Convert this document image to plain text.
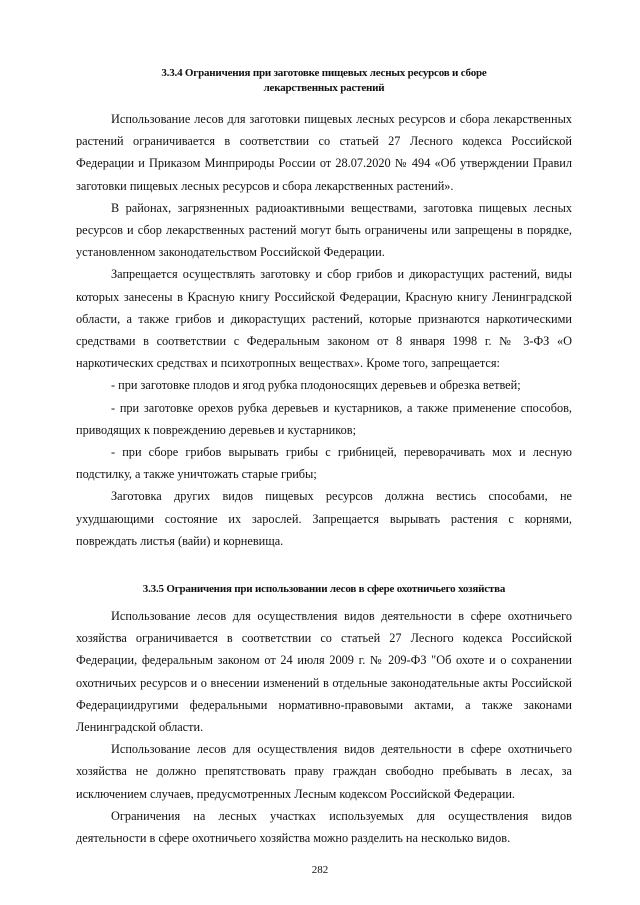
3.3.4 Ограничения при заготовке пищевых лесных ресурсов и сборе
лекарственных растений

Использование лесов для заготовки пищевых лесных ресурсов и сбора лекарственных растений ограничивается в соответствии со статьей 27 Лесного кодекса Российской Федерации и Приказом Минприроды России от 28.07.2020 № 494 «Об утверждении Правил заготовки пищевых лесных ресурсов и сбора лекарственных растений».

В районах, загрязненных радиоактивными веществами, заготовка пищевых лесных ресурсов и сбор лекарственных растений могут быть ограничены или запрещены в порядке, установленном законодательством Российской Федерации.

Запрещается осуществлять заготовку и сбор грибов и дикорастущих растений, виды которых занесены в Красную книгу Российской Федерации, Красную книгу Ленинградской области, а также грибов и дикорастущих растений, которые признаются наркотическими средствами в соответствии с Федеральным законом от 8 января 1998 г. № 3-ФЗ «О наркотических средствах и психотропных веществах». Кроме того, запрещается:

- при заготовке плодов и ягод рубка плодоносящих деревьев и обрезка ветвей;

- при заготовке орехов рубка деревьев и кустарников, а также применение способов, приводящих к повреждению деревьев и кустарников;

- при сборе грибов вырывать грибы с грибницей, переворачивать мох и лесную подстилку, а также уничтожать старые грибы;

Заготовка других видов пищевых ресурсов должна вестись способами, не ухудшающими состояние их зарослей. Запрещается вырывать растения с корнями, повреждать листья (вайи) и корневища.

3.3.5 Ограничения при использовании лесов в сфере охотничьего хозяйства

Использование лесов для осуществления видов деятельности в сфере охотничьего хозяйства ограничивается в соответствии со статьей 27 Лесного кодекса Российской Федерации, федеральным законом от 24 июля 2009 г. № 209-ФЗ "Об охоте и о сохранении охотничьих ресурсов и о внесении изменений в отдельные законодательные акты Российской Федерациидругими федеральными нормативно-правовыми актами, а также законами Ленинградской области.

Использование лесов для осуществления видов деятельности в сфере охотничьего хозяйства не должно препятствовать праву граждан свободно пребывать в лесах, за исключением случаев, предусмотренных Лесным кодексом Российской Федерации.

Ограничения на лесных участках используемых для осуществления видов деятельности в сфере охотничьего хозяйства можно разделить на несколько видов.

282
